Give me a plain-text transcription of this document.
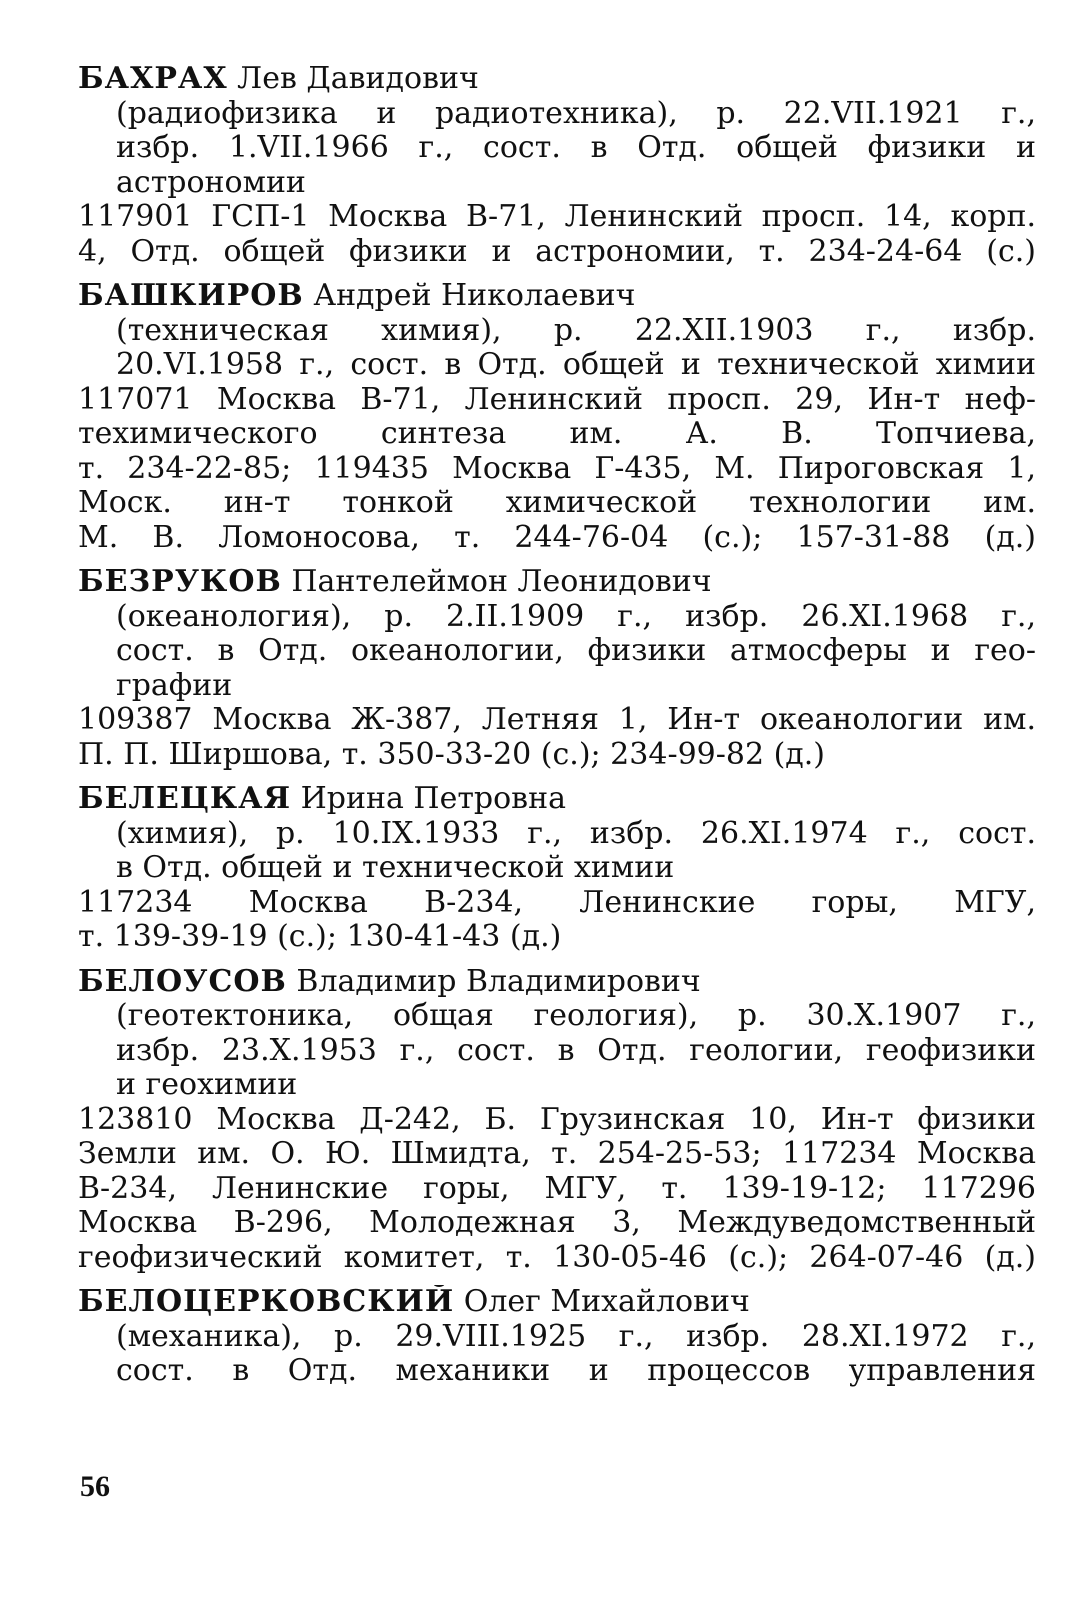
БАХРАХ Лев Давидович
(радиофизика и радиотехника), р. 22.VII.1921 г.,
избр. 1.VII.1966 г., сост. в Отд. общей физики и
астрономии
117901 ГСП-1 Москва В-71, Ленинский просп. 14, корп.
4, Отд. общей физики и астрономии, т. 234-24-64 (с.)
БАШКИРОВ Андрей Николаевич
(техническая химия), р. 22.XII.1903 г., избр.
20.VI.1958 г., сост. в Отд. общей и технической химии
117071 Москва В-71, Ленинский просп. 29, Ин-т неф-
техимического синтеза им. А. В. Топчиева,
т. 234-22-85; 119435 Москва Г-435, М. Пироговская 1,
Моск. ин-т тонкой химической технологии им.
М. В. Ломоносова, т. 244-76-04 (с.); 157-31-88 (д.)
БЕЗРУКОВ Пантелеймон Леонидович
(океанология), р. 2.II.1909 г., избр. 26.XI.1968 г.,
сост. в Отд. океанологии, физики атмосферы и гео-
графии
109387 Москва Ж-387, Летняя 1, Ин-т океанологии им.
П. П. Ширшова, т. 350-33-20 (с.); 234-99-82 (д.)
БЕЛЕЦКАЯ Ирина Петровна
(химия), р. 10.IX.1933 г., избр. 26.XI.1974 г., сост.
в Отд. общей и технической химии
117234 Москва В-234, Ленинские горы, МГУ,
т. 139-39-19 (с.); 130-41-43 (д.)
БЕЛОУСОВ Владимир Владимирович
(геотектоника, общая геология), р. 30.X.1907 г.,
избр. 23.X.1953 г., сост. в Отд. геологии, геофизики
и геохимии
123810 Москва Д-242, Б. Грузинская 10, Ин-т физики
Земли им. О. Ю. Шмидта, т. 254-25-53; 117234 Москва
В-234, Ленинские горы, МГУ, т. 139-19-12; 117296
Москва В-296, Молодежная 3, Междуведомственный
геофизический комитет, т. 130-05-46 (с.); 264-07-46 (д.)
БЕЛОЦЕРКОВСКИЙ Олег Михайлович
(механика), р. 29.VIII.1925 г., избр. 28.XI.1972 г.,
сост. в Отд. механики и процессов управления
56
